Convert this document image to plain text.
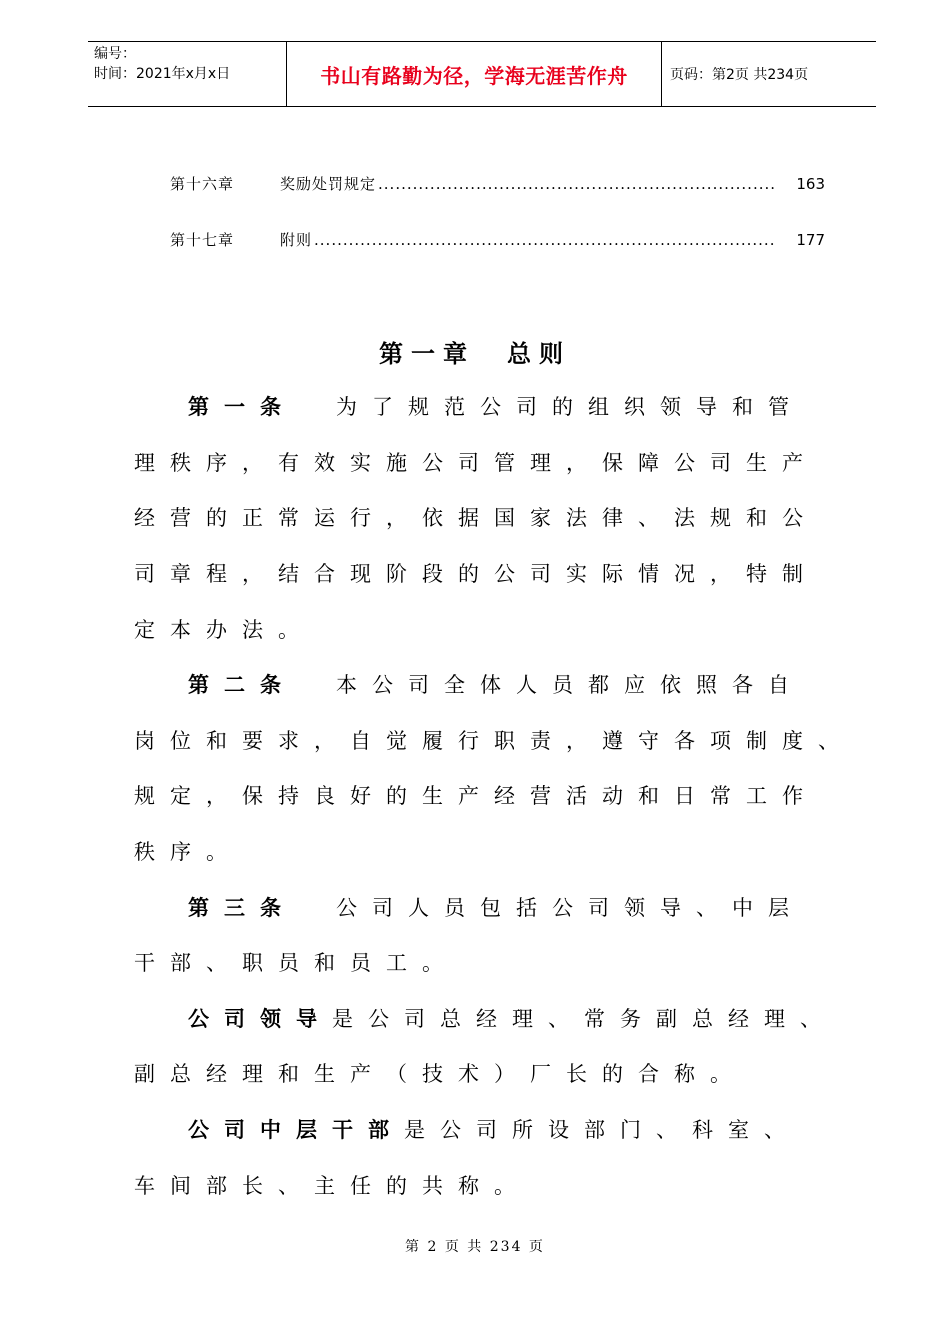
编号：
时间：2021年x月x日	书山有路勤为径，学海无涯苦作舟	页码：第2页 共234页
第十六章	奖励处罚规定 .....	163
第十七章	附则 .....	177
第一章　总则
第一条 为了规范公司的组织领导和管
理秩序，有效实施公司管理，保障公司生产
经营的正常运行，依据国家法律、法规和公
司章程，结合现阶段的公司实际情况，特制
定本办法。
第二条 本公司全体人员都应依照各自
岗位和要求，自觉履行职责，遵守各项制度、
规定，保持良好的生产经营活动和日常工作
秩序。
第三条 公司人员包括公司领导、中层
干部、职员和员工。
公司领导是公司总经理、常务副总经理、
副总经理和生产（技术）厂长的合称。
公司中层干部是公司所设部门、科室、
车间部长、主任的共称。
第 2 页 共 234 页
